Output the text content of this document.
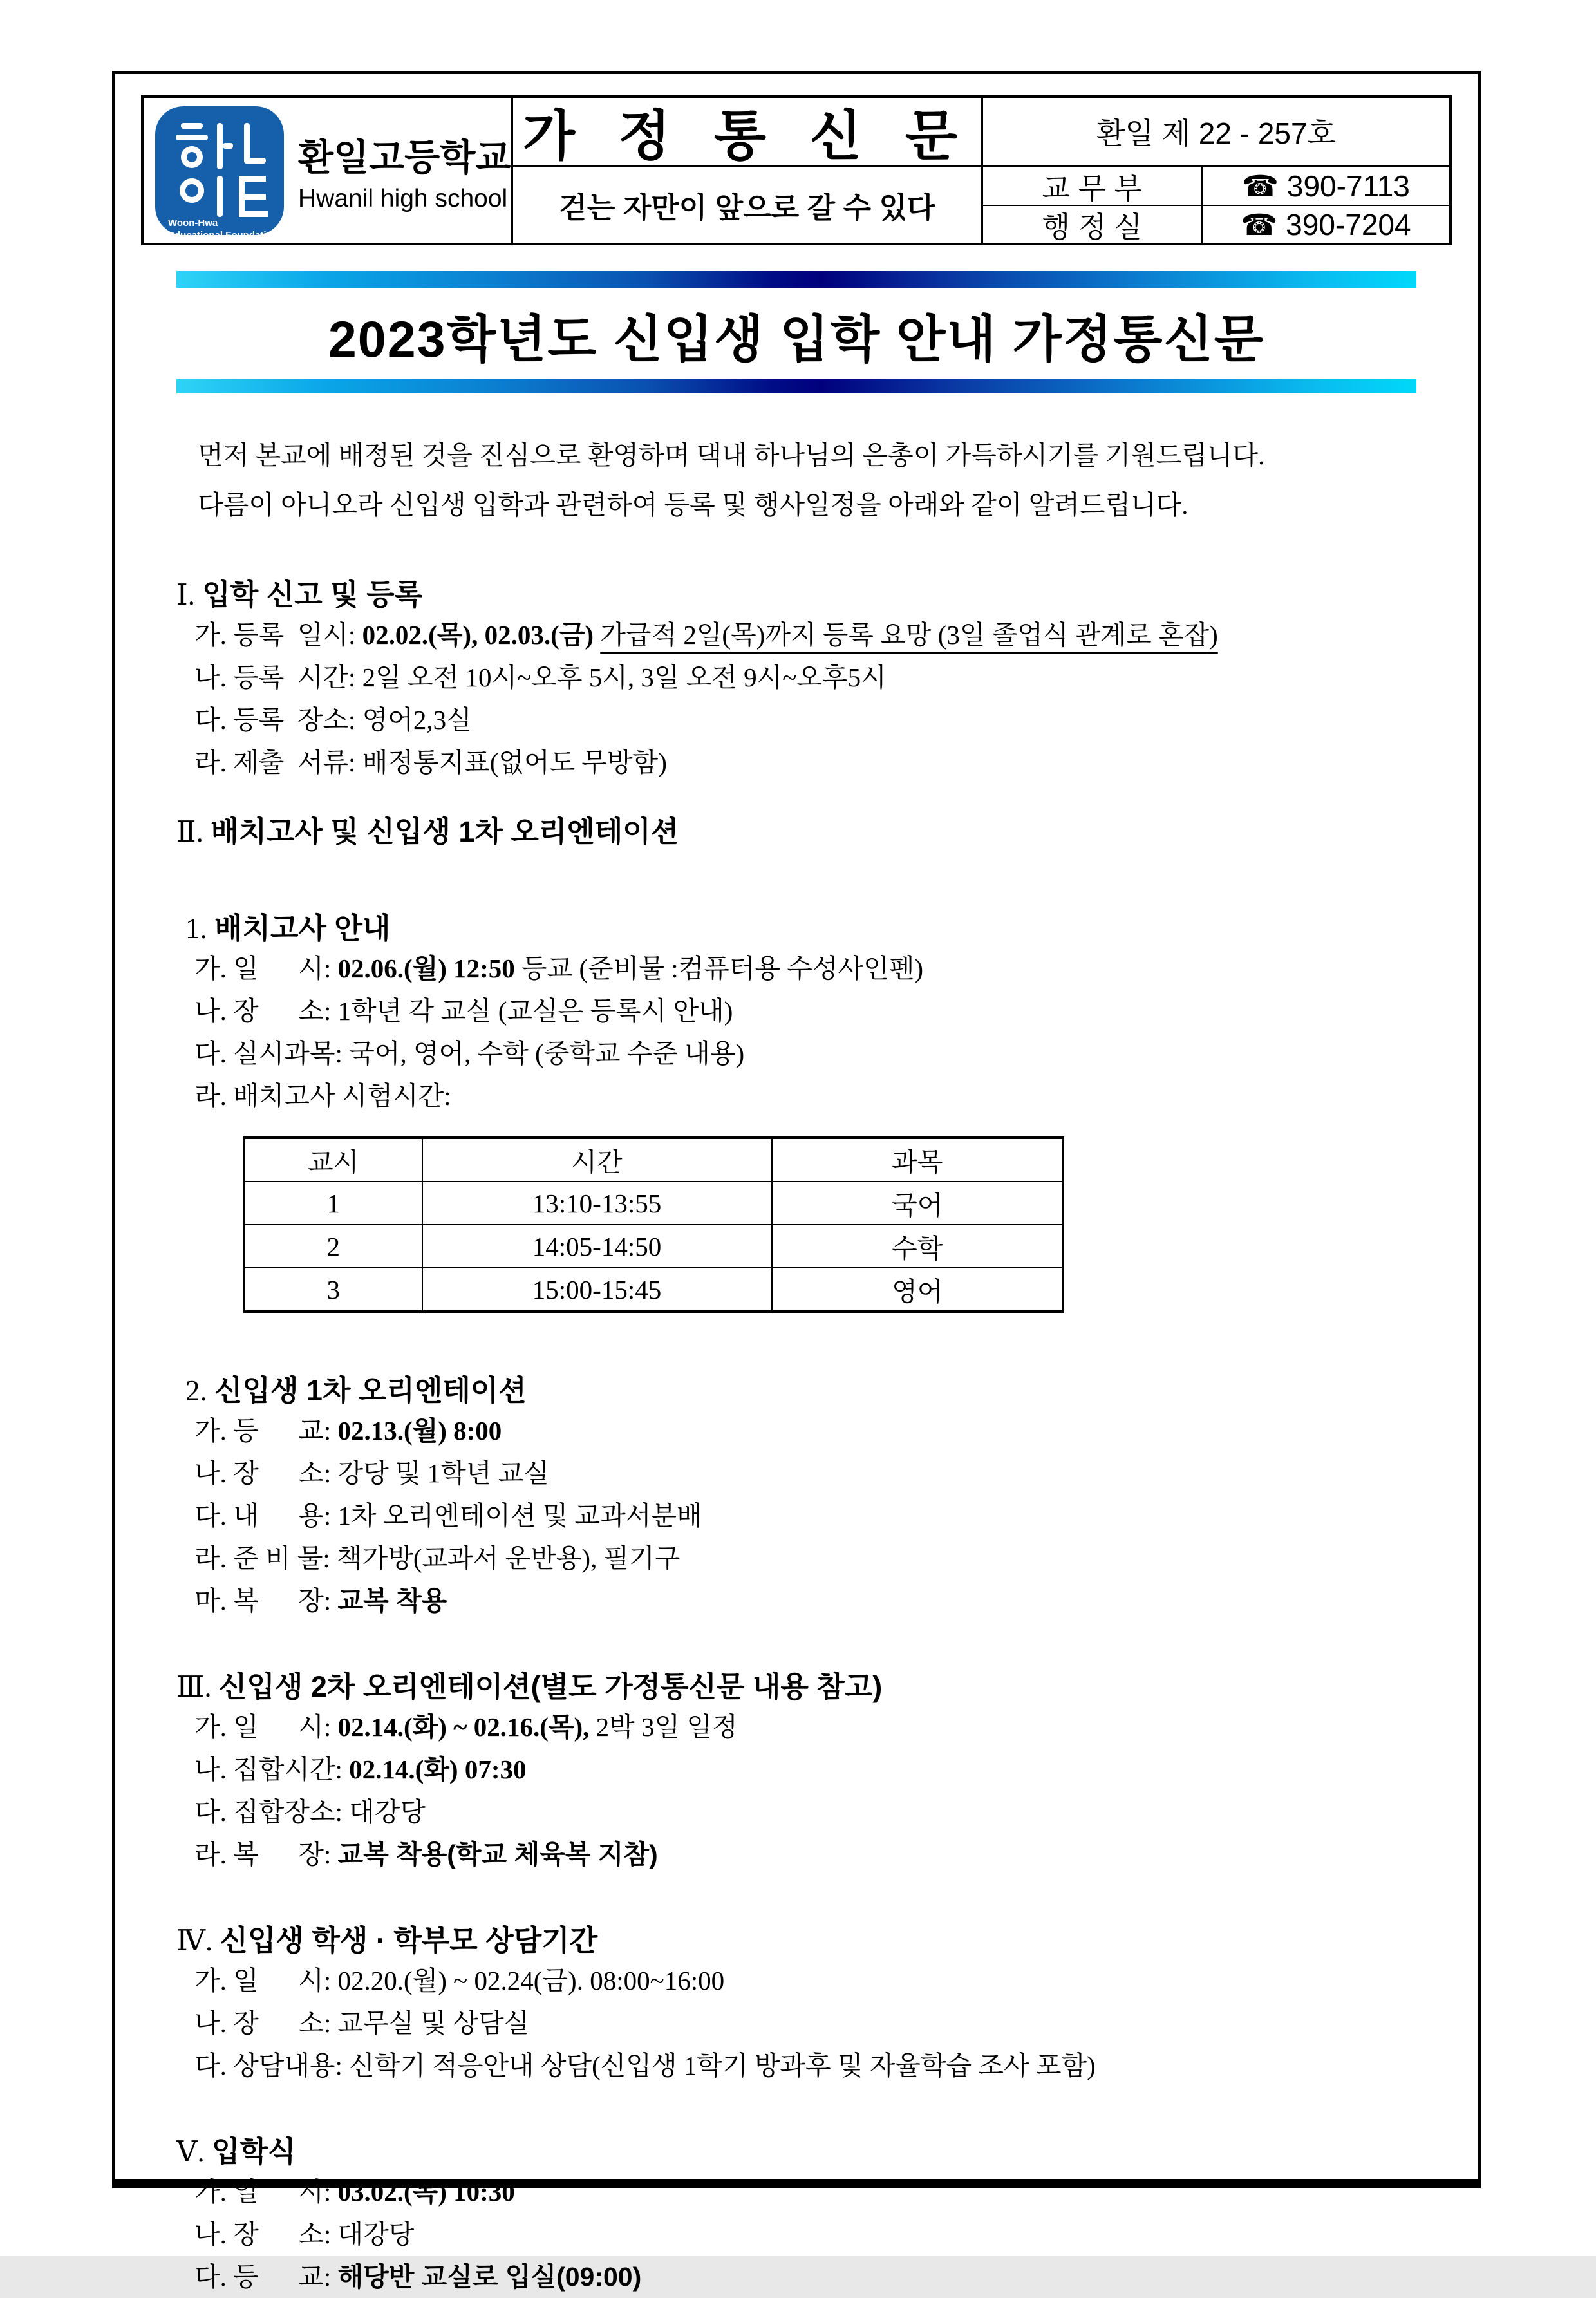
Woon-Hwa
Educational Foundation
환일고등학교
Hwanil high school
가 정 통 신 문
걷는 자만이 앞으로 갈 수 있다
환일 제 22 - 257호
교 무 부	☎ 390-7113
행 정 실	☎ 390-7204
2023학년도 신입생 입학 안내 가정통신문
먼저 본교에 배정된 것을 진심으로 환영하며 댁내 하나님의 은총이 가득하시기를 기원드립니다.
다름이 아니오라 신입생 입학과 관련하여 등록 및 행사일정을 아래와 같이 알려드립니다.
Ⅰ. 입학 신고 및 등록
가. 등록  일시: 02.02.(목), 02.03.(금) 가급적 2일(목)까지 등록 요망 (3일 졸업식 관계로 혼잡)
나. 등록  시간: 2일 오전 10시~오후 5시, 3일 오전 9시~오후5시
다. 등록  장소: 영어2,3실
라. 제출  서류: 배정통지표(없어도 무방함)
Ⅱ. 배치고사 및 신입생 1차 오리엔테이션
1. 배치고사 안내
가. 일      시: 02.06.(월) 12:50 등교 (준비물 :컴퓨터용 수성사인펜)
나. 장      소: 1학년 각 교실 (교실은 등록시 안내)
다. 실시과목: 국어, 영어, 수학 (중학교 수준 내용)
라. 배치고사 시험시간:
교시	시간	과목
1	13:10-13:55	국어
2	14:05-14:50	수학
3	15:00-15:45	영어
2. 신입생 1차 오리엔테이션
가. 등      교: 02.13.(월) 8:00
나. 장      소: 강당 및 1학년 교실
다. 내      용: 1차 오리엔테이션 및 교과서분배
라. 준 비 물: 책가방(교과서 운반용), 필기구
마. 복      장: 교복 착용
Ⅲ. 신입생 2차 오리엔테이션(별도 가정통신문 내용 참고)
가. 일      시: 02.14.(화) ~ 02.16.(목), 2박 3일 일정
나. 집합시간: 02.14.(화) 07:30
다. 집합장소: 대강당
라. 복      장: 교복 착용(학교 체육복 지참)
Ⅳ. 신입생 학생 · 학부모 상담기간
가. 일      시: 02.20.(월) ~ 02.24(금). 08:00~16:00
나. 장      소: 교무실 및 상담실
다. 상담내용: 신학기 적응안내 상담(신입생 1학기 방과후 및 자율학습 조사 포함)
Ⅴ. 입학식
가. 일      시: 03.02.(목) 10:30
나. 장      소: 대강당
다. 등      교: 해당반 교실로 입실(09:00)
